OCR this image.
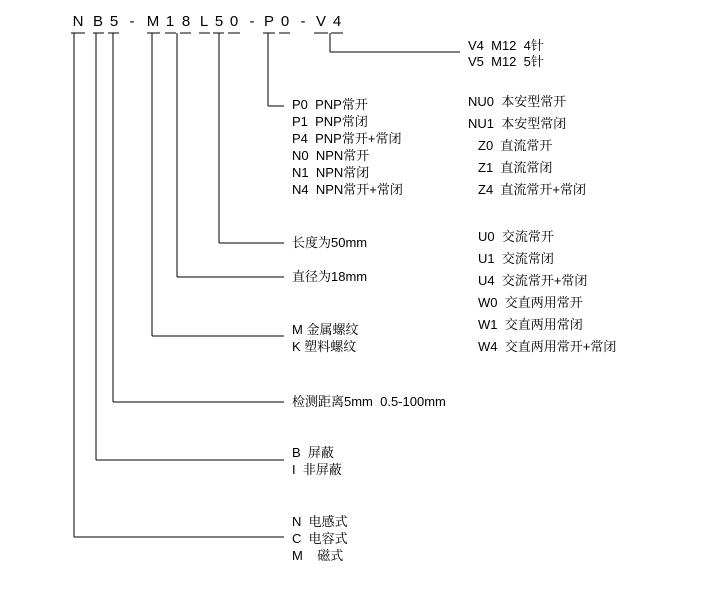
N B 5 - M 1 8 L 5 0 - P 0 - V 4
V4  M12  4针
V5  M12  5针
P0  PNP常开
P1  PNP常闭
P4  PNP常开+常闭
N0  NPN常开
N1  NPN常闭
N4  NPN常开+常闭
NU0  本安型常开
NU1  本安型常闭
Z0  直流常开
Z1  直流常闭
Z4  直流常开+常闭
U0  交流常开
U1  交流常闭
U4  交流常开+常闭
W0  交直两用常开
W1  交直两用常闭
W4  交直两用常开+常闭
长度为50mm
直径为18mm
M 金属螺纹
K 塑料螺纹
检测距离5mm  0.5-100mm
B  屏蔽
I  非屏蔽
N  电感式
C  电容式
M    磁式
